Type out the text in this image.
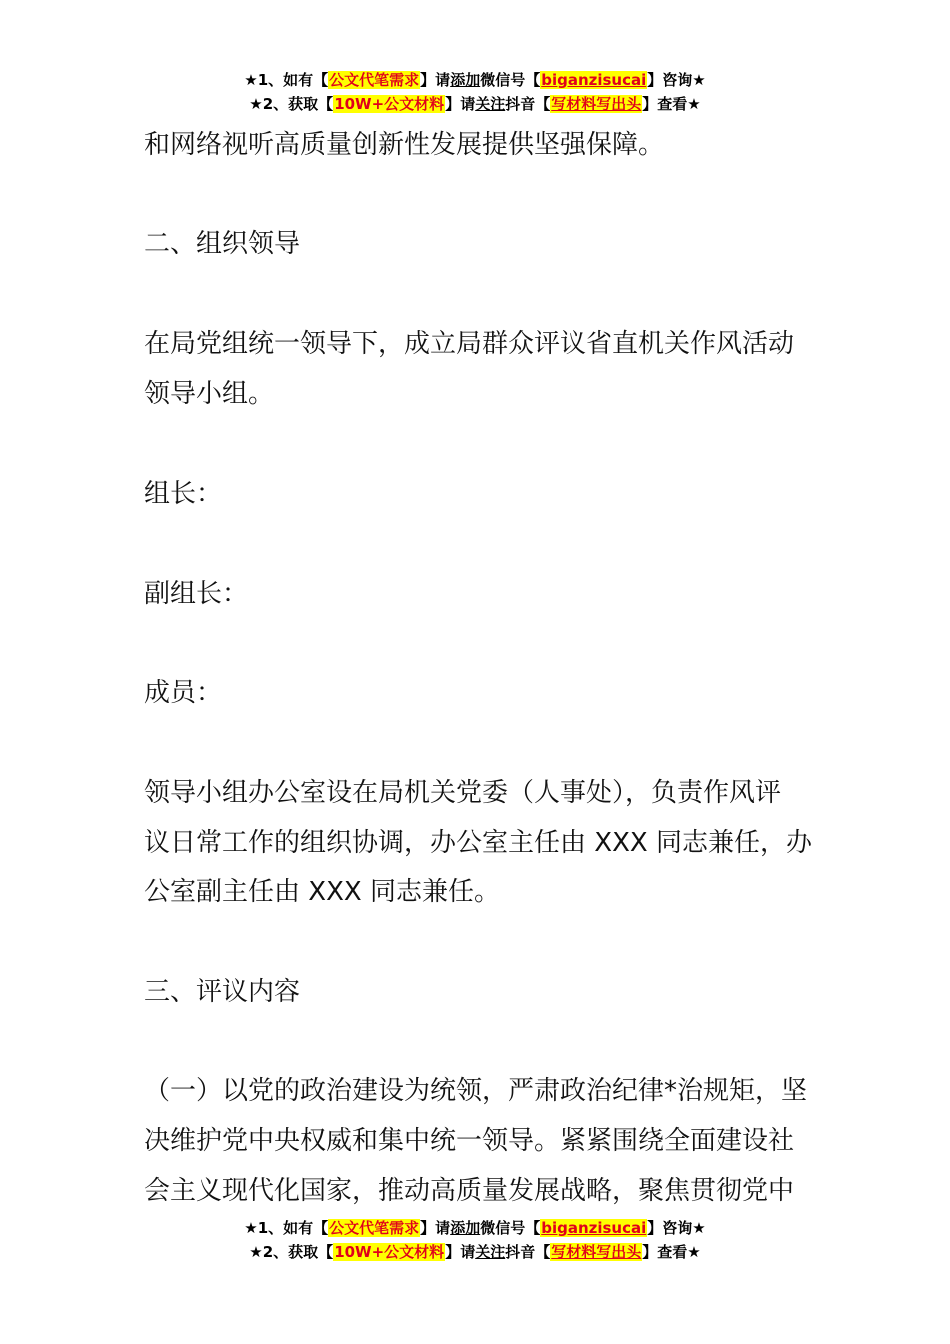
★1、如有【公文代笔需求】请添加微信号【biganzisucai】咨询★
★2、获取【10W+公文材料】请关注抖音【写材料写出头】查看★

和网络视听高质量创新性发展提供坚强保障。

二、组织领导

在局党组统一领导下，成立局群众评议省直机关作风活动

领导小组。

组长：

副组长：

成员：

领导小组办公室设在局机关党委（人事处），负责作风评

议日常工作的组织协调，办公室主任由 XXX 同志兼任，办

公室副主任由 XXX 同志兼任。

三、评议内容

（一）以党的政治建设为统领，严肃政治纪律*治规矩，坚

决维护党中央权威和集中统一领导。紧紧围绕全面建设社

会主义现代化国家，推动高质量发展战略，聚焦贯彻党中

★1、如有【公文代笔需求】请添加微信号【biganzisucai】咨询★
★2、获取【10W+公文材料】请关注抖音【写材料写出头】查看★
